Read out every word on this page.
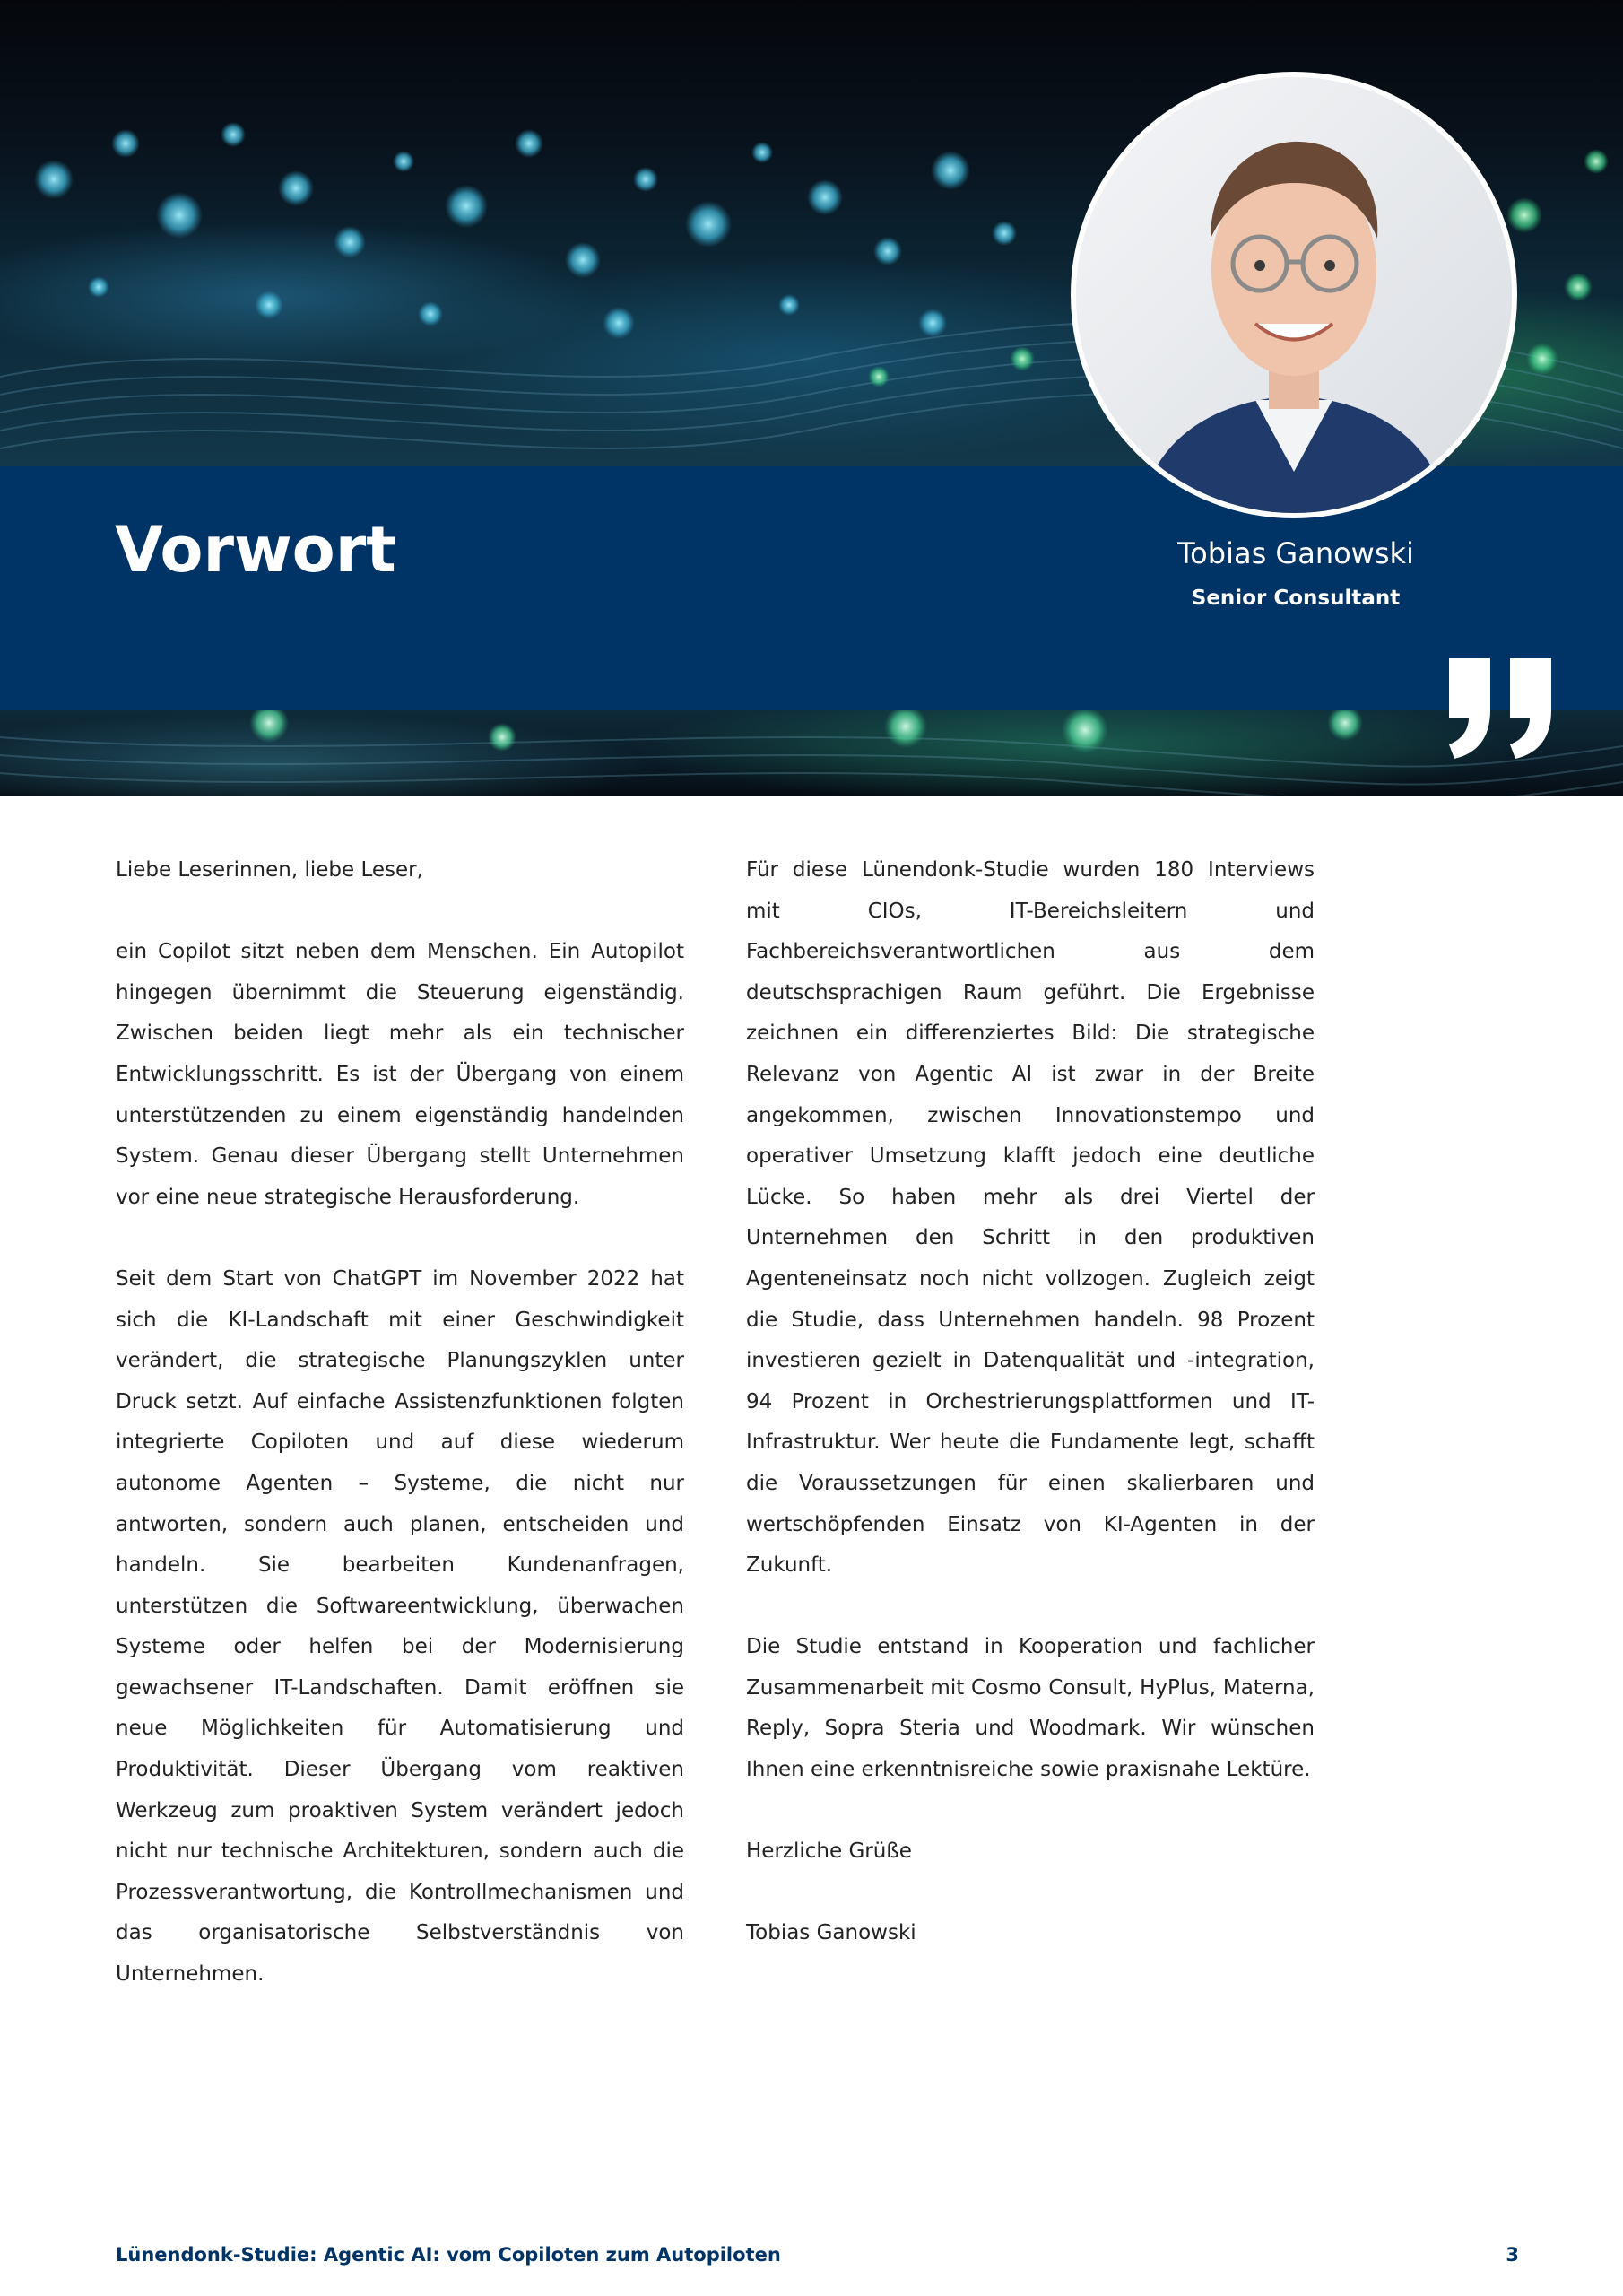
Vorwort	Tobias Ganowski
Senior Consultant

Liebe Leserinnen, liebe Leser,

ein Copilot sitzt neben dem Menschen. Ein Autopilot hingegen übernimmt die Steuerung eigenständig. Zwischen beiden liegt mehr als ein technischer Entwicklungsschritt. Es ist der Übergang von einem unterstützenden zu einem eigenständig handelnden System. Genau dieser Übergang stellt Unternehmen vor eine neue strategische Herausforderung.

Seit dem Start von ChatGPT im November 2022 hat sich die KI-Landschaft mit einer Geschwindigkeit verändert, die strategische Planungszyklen unter Druck setzt. Auf einfache Assistenzfunktionen folgten integrierte Copiloten und auf diese wiederum autonome Agenten – Systeme, die nicht nur antworten, sondern auch planen, entscheiden und handeln. Sie bearbeiten Kundenanfragen, unterstützen die Softwareentwicklung, überwachen Systeme oder helfen bei der Modernisierung gewachsener IT-Landschaften. Damit eröffnen sie neue Möglichkeiten für Automatisierung und Produktivität. Dieser Übergang vom reaktiven Werkzeug zum proaktiven System verändert jedoch nicht nur technische Architekturen, sondern auch die Prozessverantwortung, die Kontrollmechanismen und das organisatorische Selbstverständnis von Unternehmen.

Für diese Lünendonk-Studie wurden 180 Interviews mit CIOs, IT-Bereichsleitern und Fachbereichsverantwortlichen aus dem deutschsprachigen Raum geführt. Die Ergebnisse zeichnen ein differenziertes Bild: Die strategische Relevanz von Agentic AI ist zwar in der Breite angekommen, zwischen Innovationstempo und operativer Umsetzung klafft jedoch eine deutliche Lücke. So haben mehr als drei Viertel der Unternehmen den Schritt in den produktiven Agenteneinsatz noch nicht vollzogen. Zugleich zeigt die Studie, dass Unternehmen handeln. 98 Prozent investieren gezielt in Datenqualität und -integration, 94 Prozent in Orchestrierungsplattformen und IT-Infrastruktur. Wer heute die Fundamente legt, schafft die Voraussetzungen für einen skalierbaren und wertschöpfenden Einsatz von KI-Agenten in der Zukunft.

Die Studie entstand in Kooperation und fachlicher Zusammenarbeit mit Cosmo Consult, HyPlus, Materna, Reply, Sopra Steria und Woodmark. Wir wünschen Ihnen eine erkenntnisreiche sowie praxisnahe Lektüre.

Herzliche Grüße

Tobias Ganowski

Lünendonk-Studie: Agentic AI: vom Copiloten zum Autopiloten	3
